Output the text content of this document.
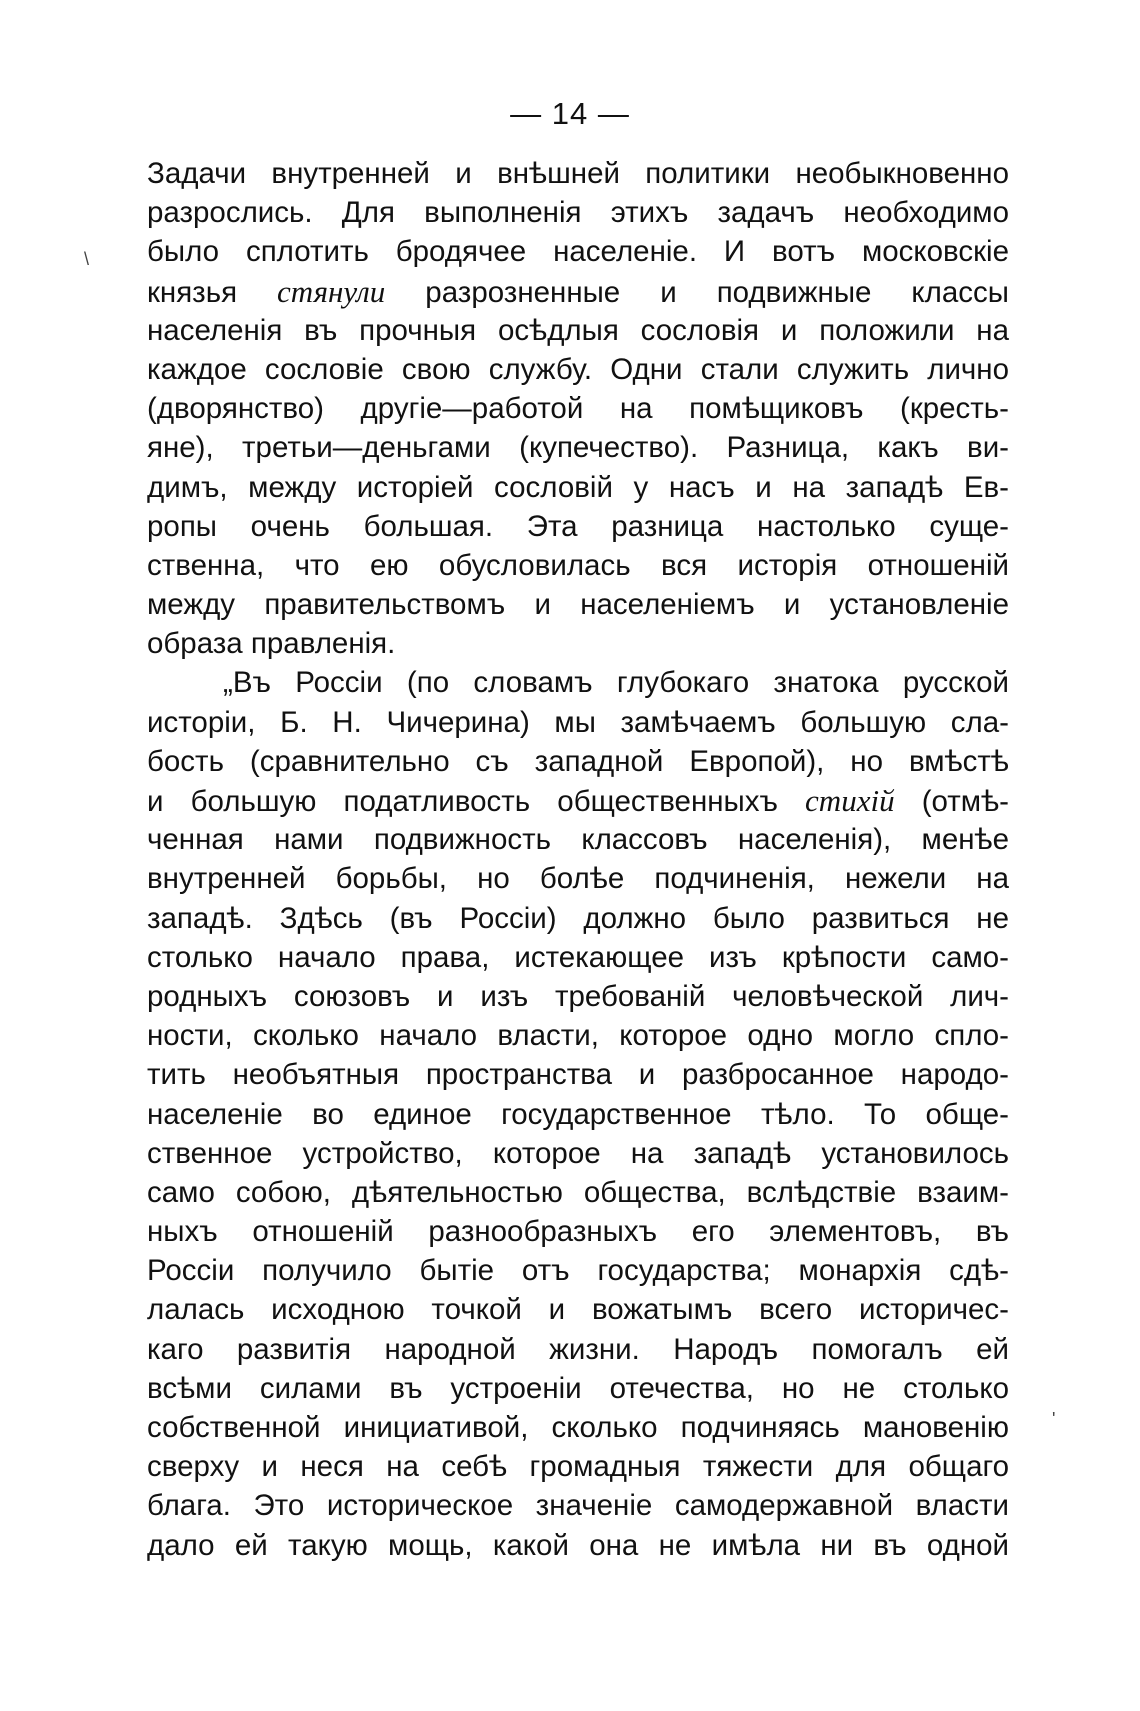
— 14 —
Задачи внутренней и внѣшней политики необыкновенно
разрослись. Для выполненія этихъ задачъ необходимо
было сплотить бродячее населеніе. И вотъ московскіе
князья стянули разрозненные и подвижные классы
населенія въ прочныя осѣдлыя сословія и положили на
каждое сословіе свою службу. Одни стали служить лично
(дворянство) другіе—работой на помѣщиковъ (кресть-
яне), третьи—деньгами (купечество). Разница, какъ ви-
димъ, между исторіей сословій у насъ и на западѣ Ев-
ропы очень большая. Эта разница настолько суще-
ственна, что ею обусловилась вся исторія отношеній
между правительствомъ и населеніемъ и установленіе
образа правленія.
„Въ Россіи (по словамъ глубокаго знатока русской
исторіи, Б. Н. Чичерина) мы замѣчаемъ большую сла-
бость (сравнительно съ западной Европой), но вмѣстѣ
и большую податливость общественныхъ стихій (отмѣ-
ченная нами подвижность классовъ населенія), менѣе
внутренней борьбы, но болѣе подчиненія, нежели на
западѣ. Здѣсь (въ Россіи) должно было развиться не
столько начало права, истекающее изъ крѣпости само-
родныхъ союзовъ и изъ требованій человѣческой лич-
ности, сколько начало власти, которое одно могло спло-
тить необъятныя пространства и разбросанное народо-
населеніе во единое государственное тѣло. То обще-
ственное устройство, которое на западѣ установилось
само собою, дѣятельностью общества, вслѣдствіе взаим-
ныхъ отношеній разнообразныхъ его элементовъ, въ
Россіи получило бытіе отъ государства; монархія сдѣ-
лалась исходною точкой и вожатымъ всего историчес-
каго развитія народной жизни. Народъ помогалъ ей
всѣми силами въ устроеніи отечества, но не столько
собственной инициативой, сколько подчиняясь мановенію
сверху и неся на себѣ громадныя тяжести для общаго
блага. Это историческое значеніе самодержавной власти
дало ей такую мощь, какой она не имѣла ни въ одной
\
'
